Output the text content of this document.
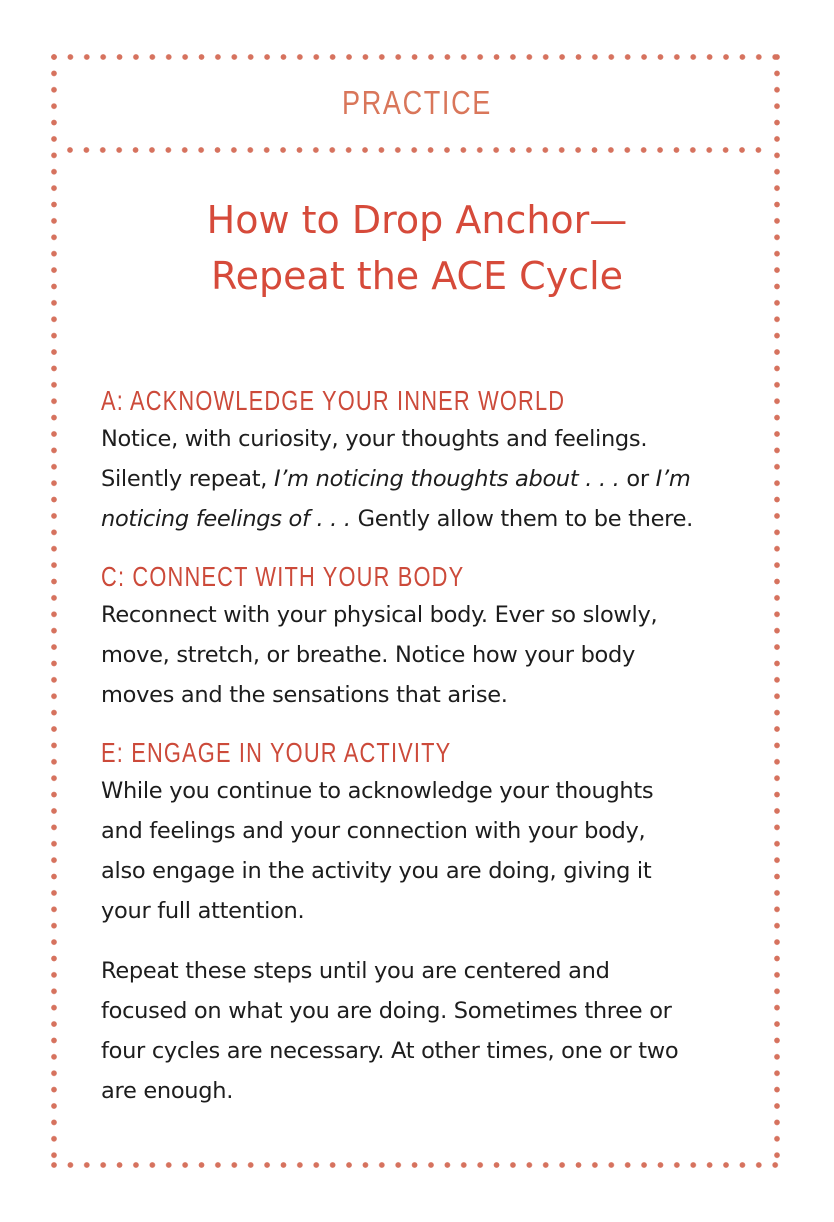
PRACTICE
How to Drop Anchor—
Repeat the ACE Cycle
A: ACKNOWLEDGE YOUR INNER WORLD
Notice, with curiosity, your thoughts and feelings.
Silently repeat, I’m noticing thoughts about . . . or I’m
noticing feelings of . . . Gently allow them to be there.
C: CONNECT WITH YOUR BODY
Reconnect with your physical body. Ever so slowly,
move, stretch, or breathe. Notice how your body
moves and the sensations that arise.
E: ENGAGE IN YOUR ACTIVITY
While you continue to acknowledge your thoughts
and feelings and your connection with your body,
also engage in the activity you are doing, giving it
your full attention.
Repeat these steps until you are centered and
focused on what you are doing. Sometimes three or
four cycles are necessary. At other times, one or two
are enough.
